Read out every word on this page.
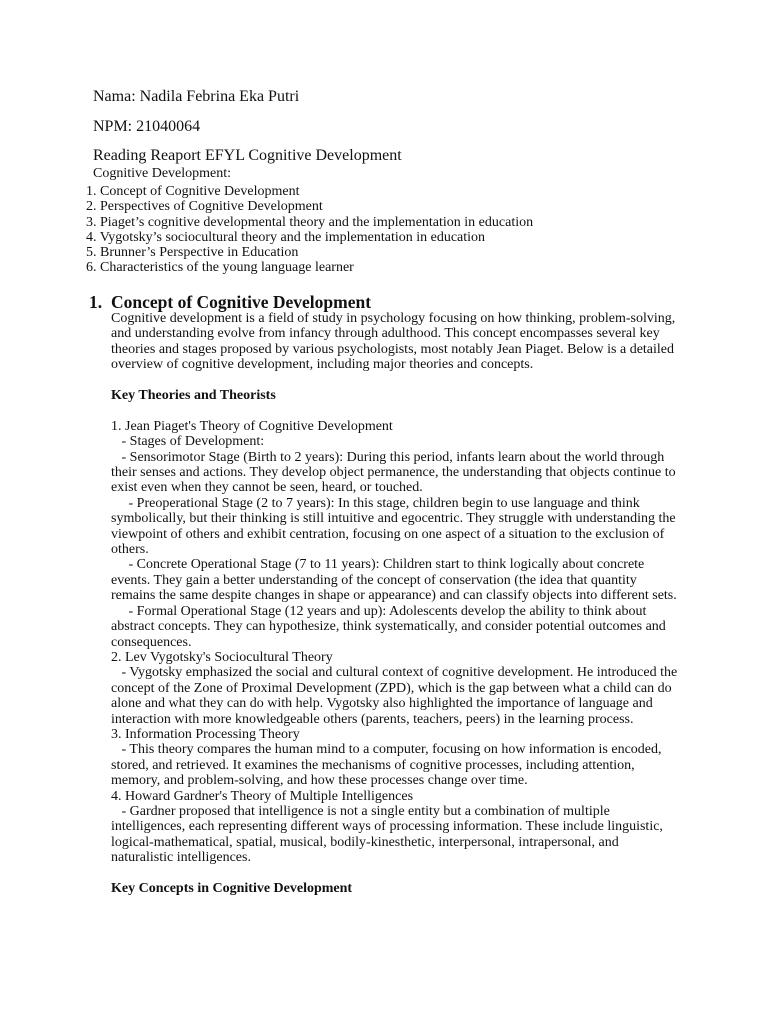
Nama: Nadila Febrina Eka Putri
NPM: 21040064
Reading Reaport EFYL Cognitive Development
Cognitive Development:
1. Concept of Cognitive Development
2. Perspectives of Cognitive Development
3. Piaget’s cognitive developmental theory and the implementation in education
4. Vygotsky’s sociocultural theory and the implementation in education
5. Brunner’s Perspective in Education
6. Characteristics of the young language learner
1. Concept of Cognitive Development

Cognitive development is a field of study in psychology focusing on how thinking, problem-solving, and understanding evolve from infancy through adulthood. This concept encompasses several key theories and stages proposed by various psychologists, most notably Jean Piaget. Below is a detailed overview of cognitive development, including major theories and concepts.

Key Theories and Theorists

1. Jean Piaget's Theory of Cognitive Development

- Stages of Development:

- Sensorimotor Stage (Birth to 2 years): During this period, infants learn about the world through their senses and actions. They develop object permanence, the understanding that objects continue to exist even when they cannot be seen, heard, or touched.

- Preoperational Stage (2 to 7 years): In this stage, children begin to use language and think symbolically, but their thinking is still intuitive and egocentric. They struggle with understanding the viewpoint of others and exhibit centration, focusing on one aspect of a situation to the exclusion of others.

- Concrete Operational Stage (7 to 11 years): Children start to think logically about concrete events. They gain a better understanding of the concept of conservation (the idea that quantity remains the same despite changes in shape or appearance) and can classify objects into different sets.

- Formal Operational Stage (12 years and up): Adolescents develop the ability to think about abstract concepts. They can hypothesize, think systematically, and consider potential outcomes and consequences.

2. Lev Vygotsky's Sociocultural Theory

- Vygotsky emphasized the social and cultural context of cognitive development. He introduced the concept of the Zone of Proximal Development (ZPD), which is the gap between what a child can do alone and what they can do with help. Vygotsky also highlighted the importance of language and interaction with more knowledgeable others (parents, teachers, peers) in the learning process.

3. Information Processing Theory

- This theory compares the human mind to a computer, focusing on how information is encoded, stored, and retrieved. It examines the mechanisms of cognitive processes, including attention, memory, and problem-solving, and how these processes change over time.

4. Howard Gardner's Theory of Multiple Intelligences

- Gardner proposed that intelligence is not a single entity but a combination of multiple intelligences, each representing different ways of processing information. These include linguistic, logical-mathematical, spatial, musical, bodily-kinesthetic, interpersonal, intrapersonal, and naturalistic intelligences.

Key Concepts in Cognitive Development
